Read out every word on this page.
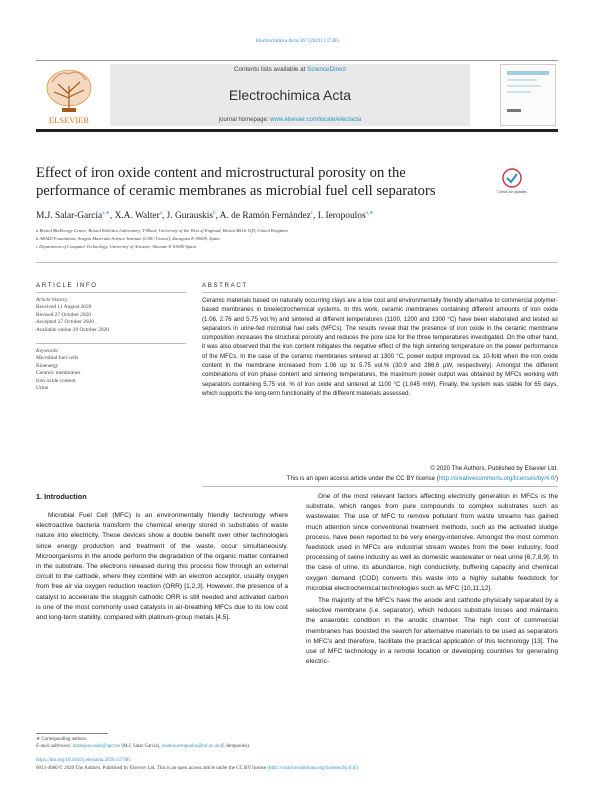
Electrochimica Acta 367 (2021) 137385
ELSEVIER
Contents lists available at ScienceDirect
Electrochimica Acta
journal homepage: www.elsevier.com/locate/electacta
Effect of iron oxide content and microstructural porosity on the performance of ceramic membranes as microbial fuel cell separators	Check for updates
M.J. Salar-García$^{a,∗}$, X.A. Walter$^a$, J. Gurauskis$^b$, A. de Ramón Fernández$^c$, I. Ieropoulos$^{a,∗}$
a Bristol BioEnergy Centre, Bristol Robotics Laboratory, T-Block, University of the West of England, Bristol BS16 1QY, United Kingdom
b ARAID Foundation, Aragón Materials Science Institute (CSIC-Unizar), Zaragoza E-50009, Spain
c Department of Computer Technology, University of Alicante, Alicante E-03690 Spain
ARTICLE INFO
Article history:
Received 11 August 2020
Revised 27 October 2020
Accepted 27 October 2020
Available online 29 October 2020
Keywords:
Microbial fuel cells
Bioenergy
Ceramic membranes
Iron oxide content
Urine
ABSTRACT
Ceramic materials based on naturally occurring clays are a low cost and environmentally friendly alternative to commercial polymer-based membranes in bioelectrochemical systems. In this work, ceramic membranes containing different amounts of iron oxide (1.06, 2.76 and 5.75 vol.%) and sintered at different temperatures (1100, 1200 and 1300 °C) have been elaborated and tested as separators in urine-fed microbial fuel cells (MFCs). The results reveal that the presence of iron oxide in the ceramic membrane composition increases the structural porosity and reduces the pore size for the three temperatures investigated. On the other hand, it was also observed that the iron content mitigates the negative effect of the high sintering temperature on the power performance of the MFCs. In the case of the ceramic membranes sintered at 1300 °C, power output improved ca. 10-fold when the iron oxide content in the membrane increased from 1.06 up to 5.75 vol.% (30.9 and 286.6 μW, respectively). Amongst the different combinations of iron phase content and sintering temperatures, the maximum power output was obtained by MFCs working with separators containing 5.75 vol. % of iron oxide and sintered at 1100 °C (1.045 mW). Finally, the system was stable for 65 days, which supports the long-term functionality of the different materials assessed.
© 2020 The Authors. Published by Elsevier Ltd.
This is an open access article under the CC BY license (http://creativecommons.org/licenses/by/4.0/)
1. Introduction
Microbial Fuel Cell (MFC) is an environmentally friendly technology where electroactive bacteria transform the chemical energy stored in substrates of waste nature into electricity. These devices show a double benefit over other technologies since energy production and treatment of the waste, occur simultaneously. Microorganisms in the anode perform the degradation of the organic matter contained in the substrate. The electrons released during this process flow through an external circuit to the cathode, where they combine with an electron acceptor, usually oxygen from free air via oxygen reduction reaction (ORR) [1,2,3]. However, the presence of a catalyst to accelerate the sluggish cathodic ORR is still needed and activated carbon is one of the most commonly used catalysts in air-breathing MFCs due to its low cost and long-term stability, compared with platinum-group metals [4,5].
One of the most relevant factors affecting electricity generation in MFCs is the substrate, which ranges from pure compounds to complex substrates such as wastewater. The use of MFC to remove pollutant from waste streams has gained much attention since conventional treatment methods, such as the activated sludge process, have been reported to be very energy-intensive. Amongst the most common feedstock used in MFCs are industrial stream wastes from the beer industry, food processing of swine industry as well as domestic wastewater or neat urine [6,7,8,9]. In the case of urine, its abundance, high conductivity, buffering capacity and chemical oxygen demand (COD) converts this waste into a highly suitable feedstock for microbial electrochemical technologies such as MFC [10,11,12].
The majority of the MFC's have the anode and cathode physically separated by a selective membrane (i.e. separator), which reduces substrate losses and maintains the anaerobic condition in the anodic chamber. The high cost of commercial membranes has boosted the search for alternative materials to be used as separators in MFC's and therefore, facilitate the practical application of this technology [13]. The use of MFC technology in a remote location or developing countries for generating electric-
∗ Corresponding authors.
E-mail addresses: mariajose.salar@upct.es (M.J. Salar-García), ioannis.ieropoulos@brl.ac.uk (I. Ieropoulos).
https://doi.org/10.1016/j.electacta.2020.137385
0013-4686/© 2020 The Authors. Published by Elsevier Ltd. This is an open access article under the CC BY license (http://creativecommons.org/licenses/by/4.0/)
